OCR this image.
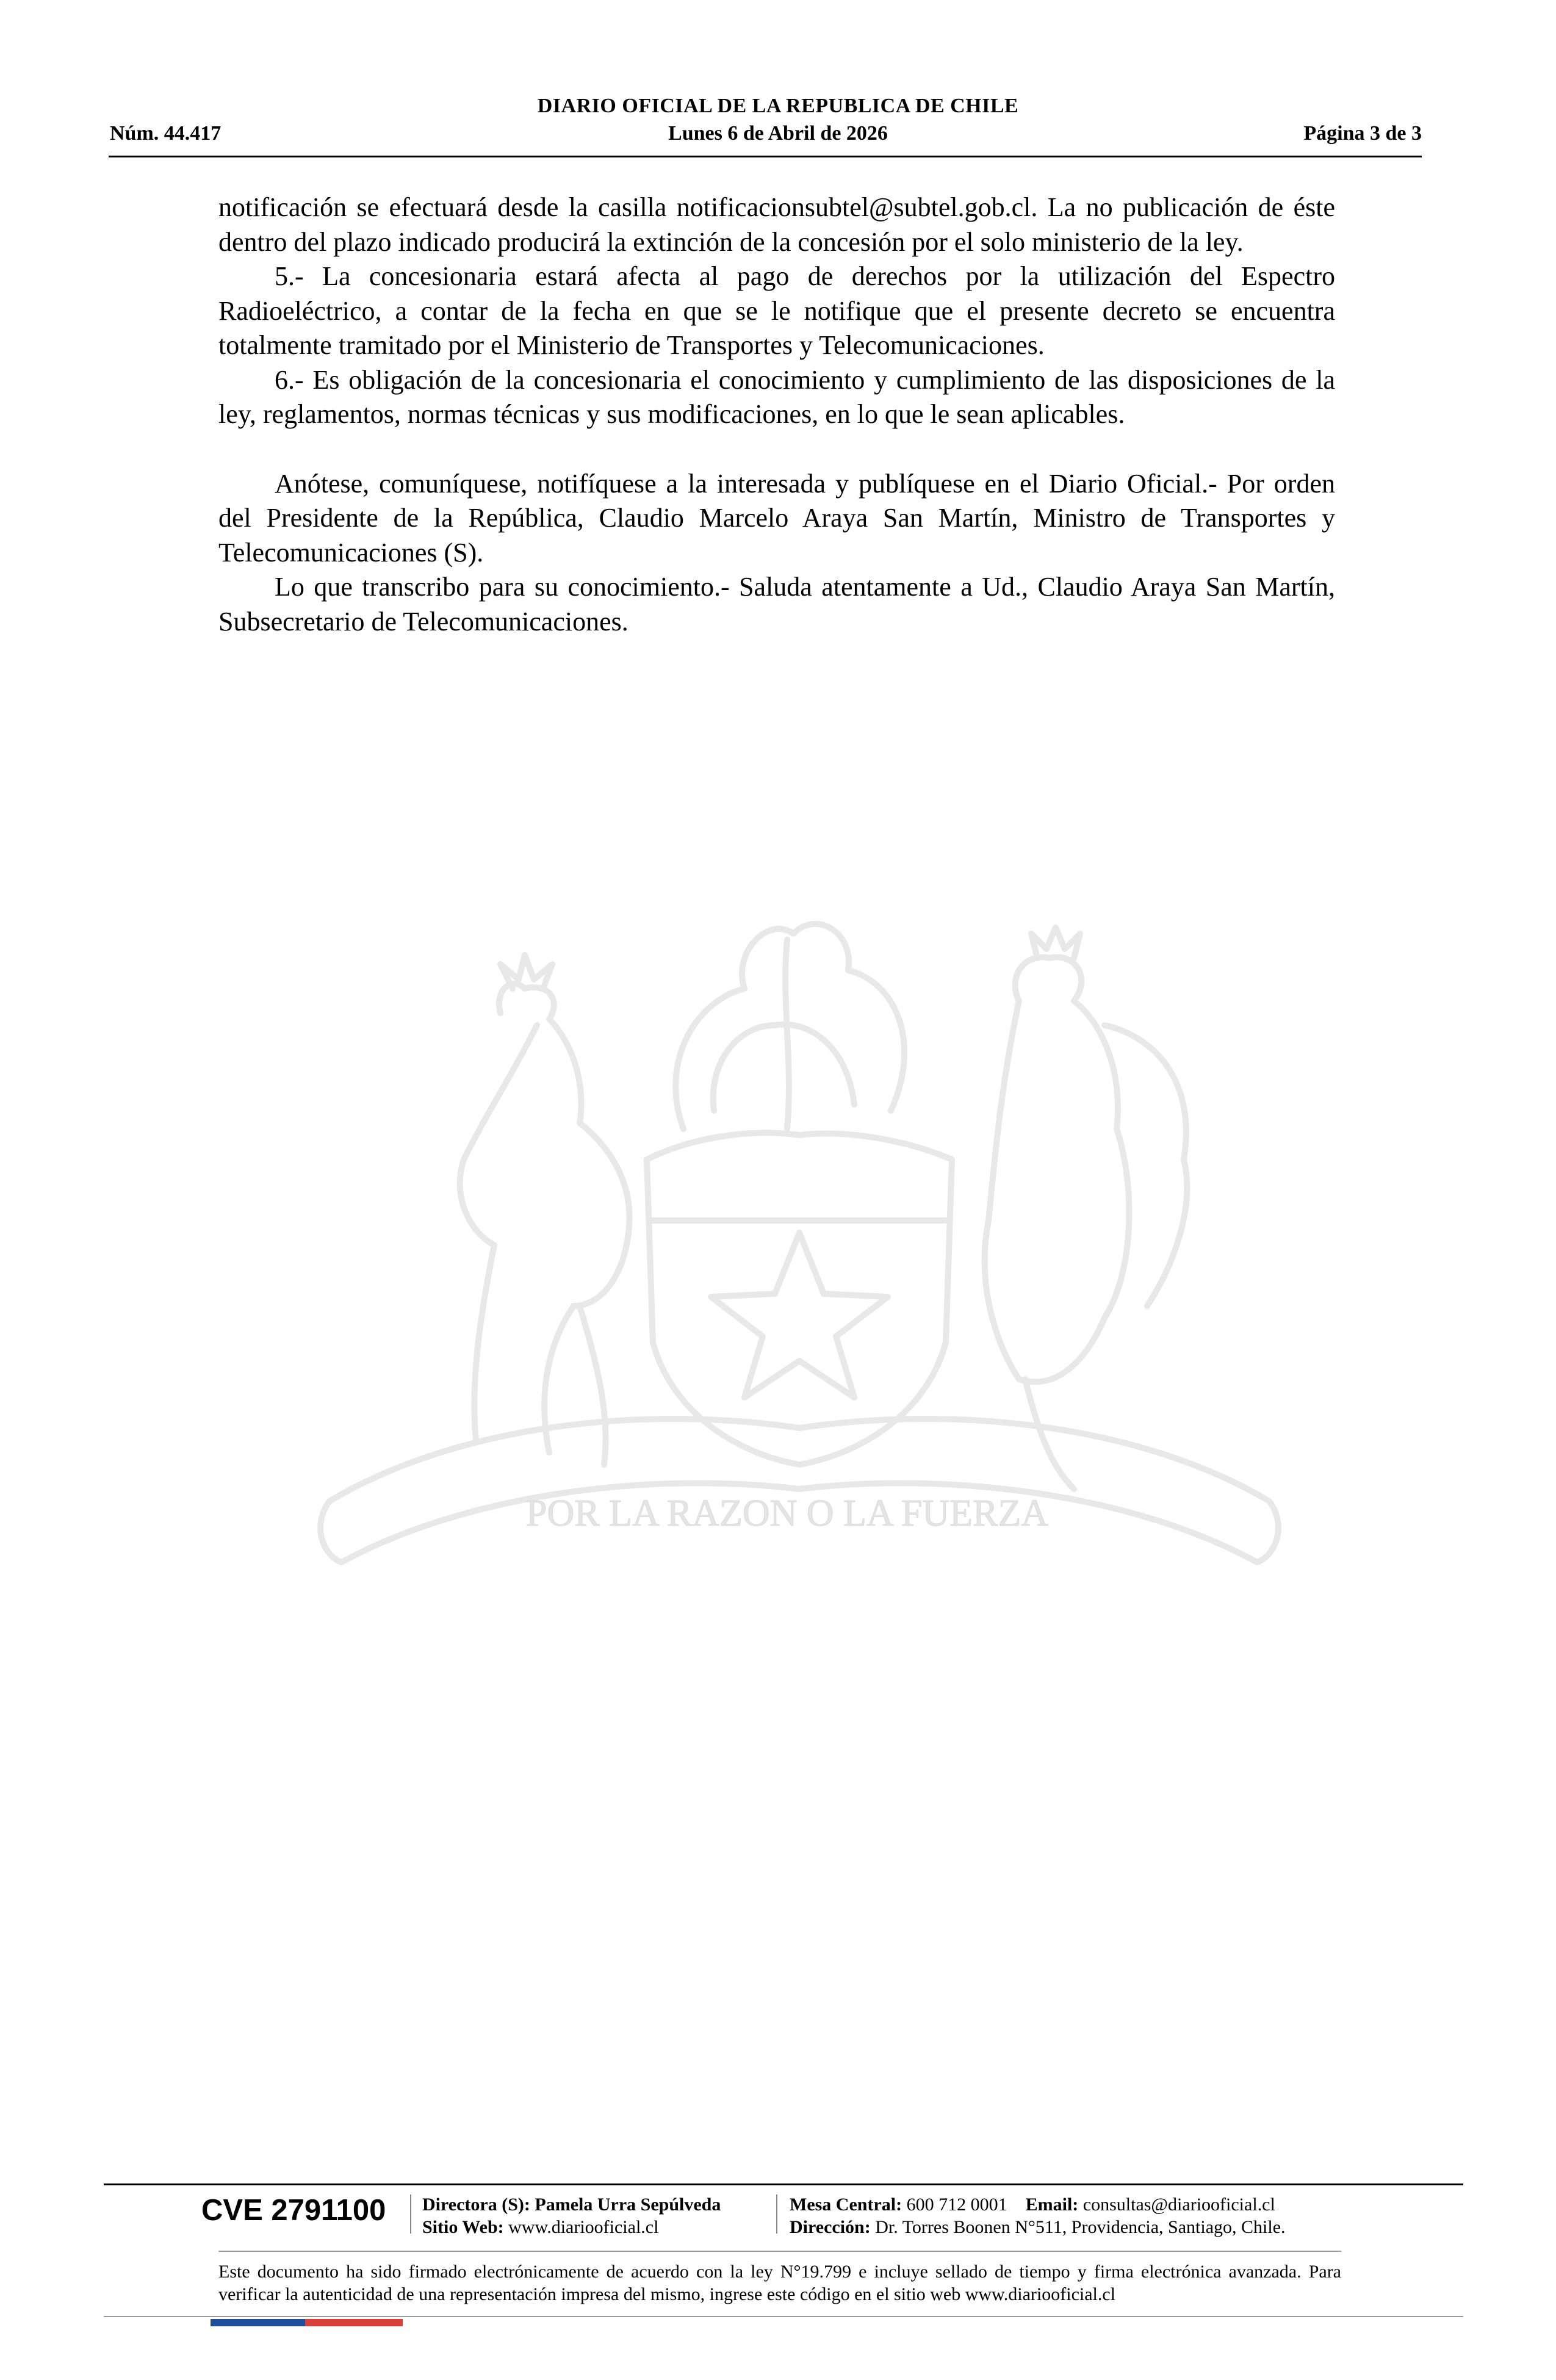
DIARIO OFICIAL DE LA REPUBLICA DE CHILE
Núm. 44.417	Lunes 6 de Abril de 2026	Página 3 de 3

notificación se efectuará desde la casilla notificacionsubtel@subtel.gob.cl. La no publicación de éste dentro del plazo indicado producirá la extinción de la concesión por el solo ministerio de la ley.

5.- La concesionaria estará afecta al pago de derechos por la utilización del Espectro Radioeléctrico, a contar de la fecha en que se le notifique que el presente decreto se encuentra totalmente tramitado por el Ministerio de Transportes y Telecomunicaciones.

6.- Es obligación de la concesionaria el conocimiento y cumplimiento de las disposiciones de la ley, reglamentos, normas técnicas y sus modificaciones, en lo que le sean aplicables.

Anótese, comuníquese, notifíquese a la interesada y publíquese en el Diario Oficial.- Por orden del Presidente de la República, Claudio Marcelo Araya San Martín, Ministro de Transportes y Telecomunicaciones (S).

Lo que transcribo para su conocimiento.- Saluda atentamente a Ud., Claudio Araya San Martín, Subsecretario de Telecomunicaciones.

POR LA RAZON O LA FUERZA
CVE 2791100 Directora (S): Pamela Urra Sepúlveda
Sitio Web: www.diariooficial.cl
Mesa Central: 600 712 0001 Email: consultas@diariooficial.cl
Dirección: Dr. Torres Boonen N°511, Providencia, Santiago, Chile.

Este documento ha sido firmado electrónicamente de acuerdo con la ley N°19.799 e incluye sellado de tiempo y firma electrónica avanzada. Para verificar la autenticidad de una representación impresa del mismo, ingrese este código en el sitio web www.diariooficial.cl
